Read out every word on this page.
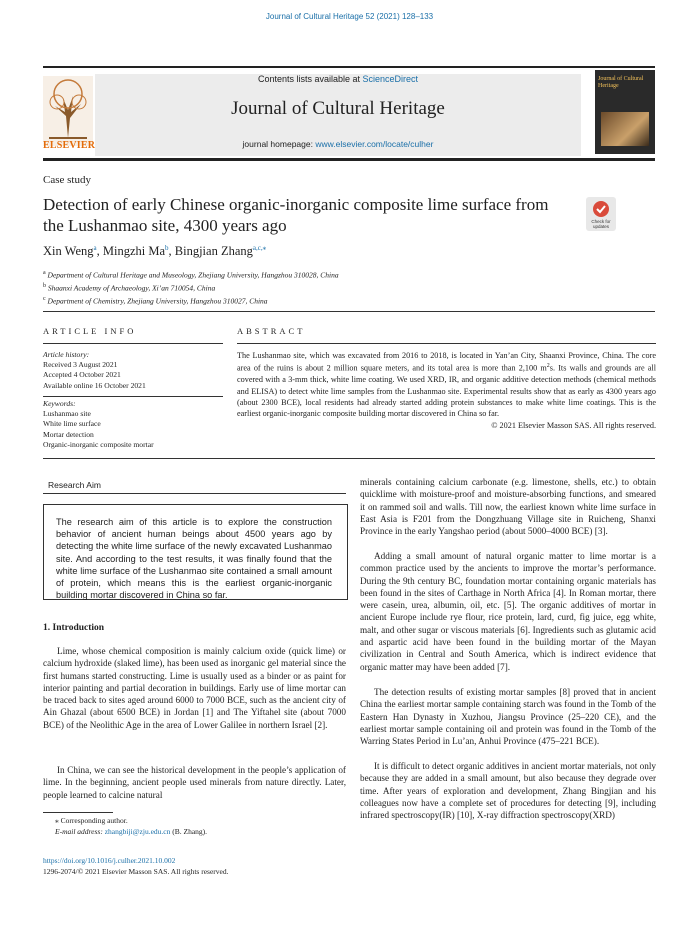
Journal of Cultural Heritage 52 (2021) 128–133
Contents lists available at ScienceDirect
Journal of Cultural Heritage
journal homepage: www.elsevier.com/locate/culher
ELSEVIER
Journal of Cultural Heritage
Case study
Detection of early Chinese organic-inorganic composite lime surface from the Lushanmao site, 4300 years ago	Check for
updates
Xin Weng$^a$, Mingzhi Ma$^b$, Bingjian Zhang$^{a,c,⁎}$
$^a$ Department of Cultural Heritage and Museology, Zhejiang University, Hangzhou 310028, China
$^b$ Shaanxi Academy of Archaeology, Xi’an 710054, China
$^c$ Department of Chemistry, Zhejiang University, Hangzhou 310027, China
ARTICLE INFO
Article history:
Received 3 August 2021
Accepted 4 October 2021
Available online 16 October 2021
Keywords:
Lushanmao site
White lime surface
Mortar detection
Organic-inorganic composite mortar
ABSTRACT
The Lushanmao site, which was excavated from 2016 to 2018, is located in Yan’an City, Shaanxi Province, China. The core area of the ruins is about 2 million square meters, and its total area is more than 2,100 $m^2s$. Its walls and grounds are all covered with a 3-mm thick, white lime coating. We used XRD, IR, and organic additive detection methods (chemical methods and ELISA) to detect white lime samples from the Lushanmao site. Experimental results show that as early as 4300 years ago (about 2300 BCE), local residents had already started adding protein substances to make white lime coatings. This is the earliest organic-inorganic composite building mortar discovered in China so far.
© 2021 Elsevier Masson SAS. All rights reserved.
Research Aim
The research aim of this article is to explore the construction behavior of ancient human beings about 4500 years ago by detecting the white lime surface of the newly excavated Lushanmao site. And according to the test results, it was finally found that the white lime surface of the Lushanmao site contained a small amount of protein, which means this is the earliest organic-inorganic building mortar discovered in China so far.
1. Introduction
Lime, whose chemical composition is mainly calcium oxide (quick lime) or calcium hydroxide (slaked lime), has been used as inorganic gel material since the first humans started constructing. Lime is usually used as a binder or as paint for interior painting and partial decoration in buildings. Early use of lime mortar can be traced back to sites aged around 6000 to 7000 BCE, such as the ancient city of Ain Ghazal (about 6500 BCE) in Jordan [1] and The Yiftahel site (about 7000 BCE) of the Neolithic Age in the area of Lower Galilee in northern Israel [2].
In China, we can see the historical development in the people’s application of lime. In the beginning, ancient people used minerals from nature directly. Later, people learned to calcine natural
minerals containing calcium carbonate (e.g. limestone, shells, etc.) to obtain quicklime with moisture-proof and moisture-absorbing functions, and smeared it on rammed soil and walls. Till now, the earliest known white lime surface in East Asia is F201 from the Dongzhuang Village site in Ruicheng, Shanxi Province in the early Yangshao period (about 5000–4000 BCE) [3].
Adding a small amount of natural organic matter to lime mortar is a common practice used by the ancients to improve the mortar’s performance. During the 9th century BC, foundation mortar containing organic materials has been found in the sites of Carthage in North Africa [4]. In Roman mortar, there were casein, urea, albumin, oil, etc. [5]. The organic additives of mortar in ancient Europe include rye flour, rice protein, lard, curd, fig juice, egg white, malt, and other sugar or viscous materials [6]. Ingredients such as glutamic acid and aspartic acid have been found in the building mortar of the Mayan civilization in Central and South America, which is indirect evidence that organic matter may have been added [7].
The detection results of existing mortar samples [8] proved that in ancient China the earliest mortar sample containing starch was found in the Tomb of the Eastern Han Dynasty in Xuzhou, Jiangsu Province (25–220 CE), and the earliest mortar sample containing oil and protein was found in the Tomb of the Warring States Period in Lu’an, Anhui Province (475–221 BCE).
It is difficult to detect organic additives in ancient mortar materials, not only because they are added in a small amount, but also because they degrade over time. After years of exploration and development, Zhang Bingjian and his colleagues now have a complete set of procedures for detecting [9], including infrared spectroscopy(IR) [10], X-ray diffraction spectroscopy(XRD)
⁎ Corresponding author.
E-mail address: zhangbiji@zju.edu.cn (B. Zhang).
https://doi.org/10.1016/j.culher.2021.10.002
1296-2074/© 2021 Elsevier Masson SAS. All rights reserved.
